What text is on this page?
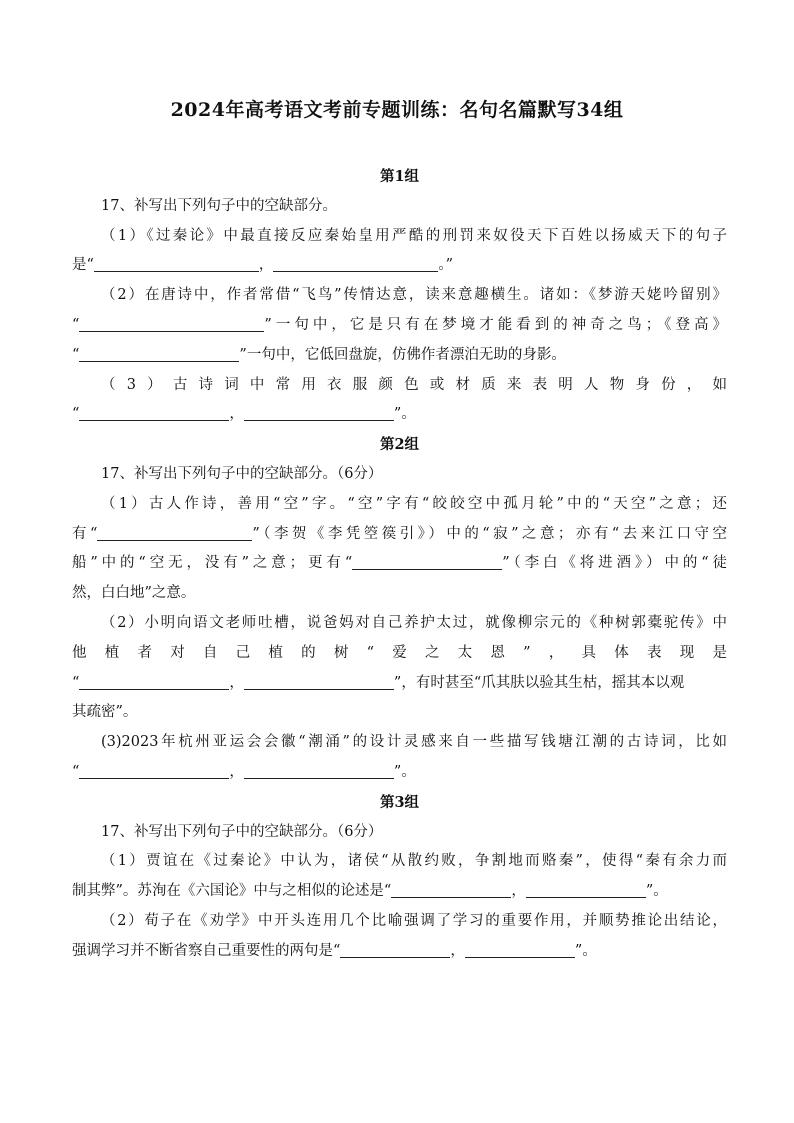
2024年高考语文考前专题训练：名句名篇默写34组

第1组

17、补写出下列句子中的空缺部分。

（1）《过秦论》中最直接反应秦始皇用严酷的刑罚来奴役天下百姓以扬威天下的句子

是“	，	。”

（2）在唐诗中，作者常借“飞鸟”传情达意，读来意趣横生。诸如：《梦游天姥吟留别》

“	”一句中，它是只有在梦境才能看到的神奇之鸟；《登高》

“	”一句中，它低回盘旋，仿佛作者漂泊无助的身影。

（3）古诗词中常用衣服颜色或材质来表明人物身份，如

“	，	”。

第2组

17、补写出下列句子中的空缺部分。（6分）

（1）古人作诗，善用“空”字。“空”字有“皎皎空中孤月轮”中的“天空”之意；还

有“	”（李贺《李凭箜篌引》）中的“寂”之意；亦有“去来江口守空

船”中的“空无，没有”之意；更有“	”（李白《将进酒》）中的“徒

然，白白地”之意。

（2）小明向语文老师吐槽，说爸妈对自己养护太过，就像柳宗元的《种树郭橐驼传》中

他植者对自己植的树“爱之太恩”，具体表现是

“	，	”，有时甚至“爪其肤以验其生枯，摇其本以观

其疏密”。

(3)2023年杭州亚运会会徽“潮涌”的设计灵感来自一些描写钱塘江潮的古诗词，比如

“	，	”。

第3组

17、补写出下列句子中的空缺部分。（6分）

（1）贾谊在《过秦论》中认为，诸侯“从散约败，争割地而赂秦”，使得“秦有余力而

制其弊”。苏洵在《六国论》中与之相似的论述是“	，	”。

（2）荀子在《劝学》中开头连用几个比喻强调了学习的重要作用，并顺势推论出结论，

强调学习并不断省察自己重要性的两句是“	，	”。
